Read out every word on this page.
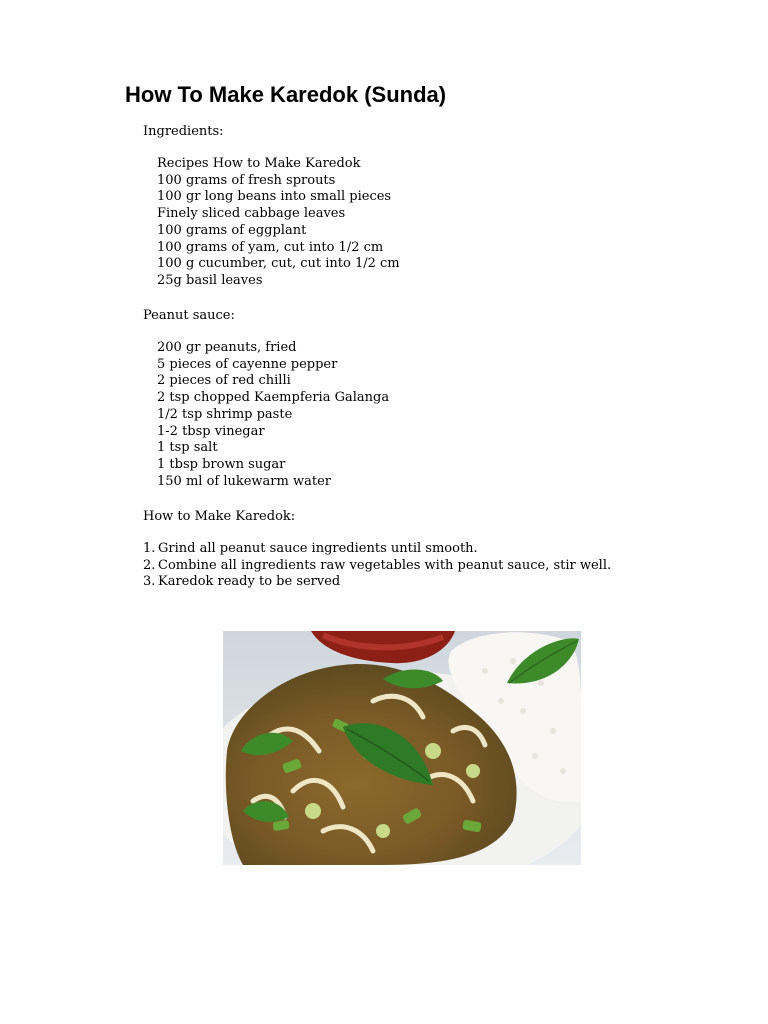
How To Make Karedok (Sunda)
Ingredients:
Recipes How to Make Karedok
100 grams of fresh sprouts
100 gr long beans into small pieces
Finely sliced cabbage leaves
100 grams of eggplant
100 grams of yam, cut into 1/2 cm
100 g cucumber, cut, cut into 1/2 cm
25g basil leaves
Peanut sauce:
200 gr peanuts, fried
5 pieces of cayenne pepper
2 pieces of red chilli
2 tsp chopped Kaempferia Galanga
1/2 tsp shrimp paste
1-2 tbsp vinegar
1 tsp salt
1 tbsp brown sugar
150 ml of lukewarm water
How to Make Karedok:
1. Grind all peanut sauce ingredients until smooth.
2. Combine all ingredients raw vegetables with peanut sauce, stir well.
3. Karedok ready to be served
